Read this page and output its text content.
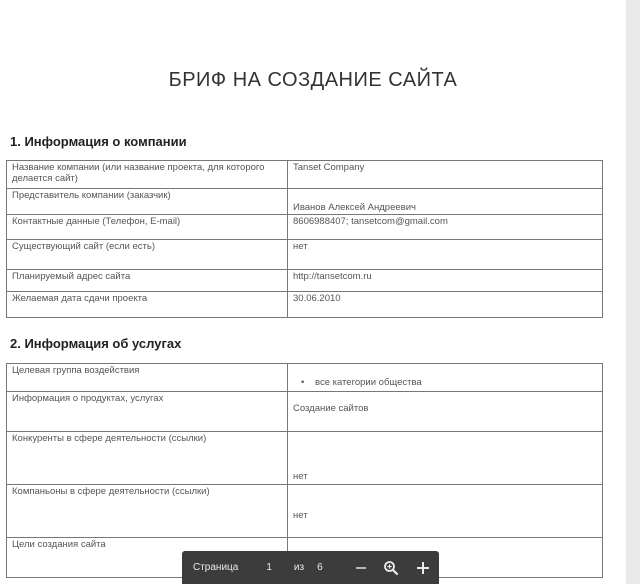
БРИФ НА СОЗДАНИЕ САЙТА
1. Информация о компании
Название компании (или название проекта, для которого делается сайт)	Tanset Company

Представитель компании (заказчик)	Иванов Алексей Андреевич

Контактные данные (Телефон, E-mail)	8606988407; tansetcom@gmail.com

Существующий сайт (если есть)	нет

Планируемый адрес сайта	http://tansetcom.ru

Желаемая дата сдачи проекта	30.06.2010
2. Информация об услугах
Целевая группа воздействия	• все категории общества

Информация о продуктах, услугах	Создание сайтов

Конкуренты в сфере деятельности (ссылки)	нет

Компаньоны в сфере деятельности (ссылки)	нет

Цели создания сайта	
Страница	1 из 6
